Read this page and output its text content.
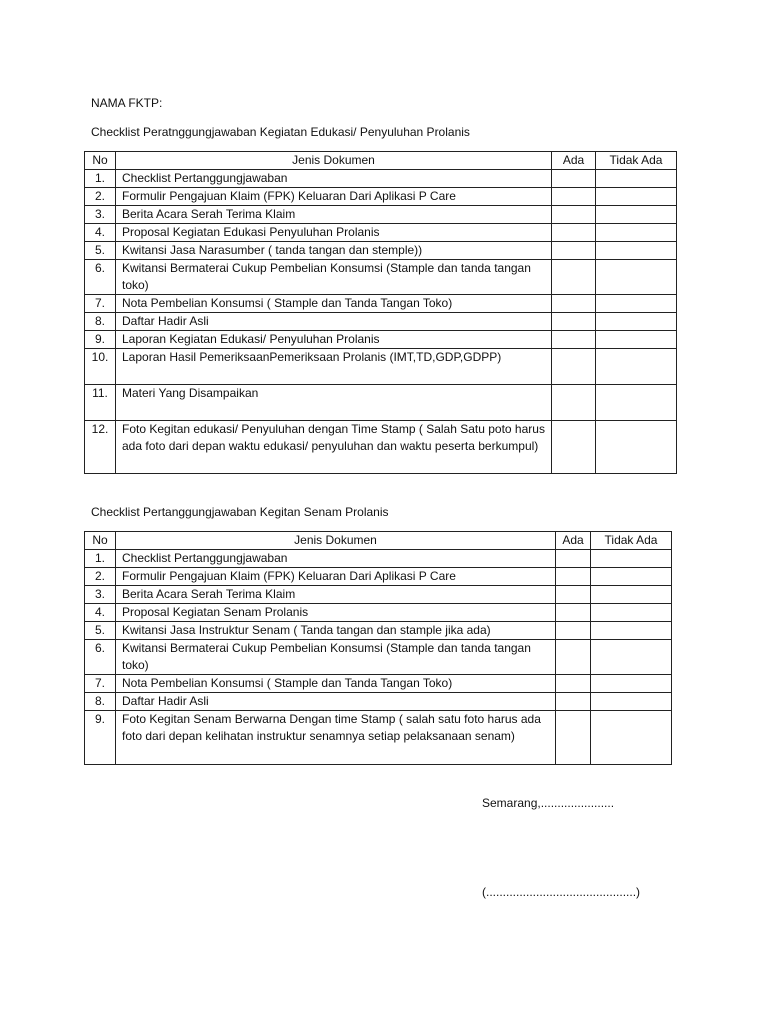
NAMA FKTP:
Checklist Peratnggungjawaban Kegiatan Edukasi/ Penyuluhan Prolanis
No	Jenis Dokumen	Ada	Tidak Ada
1.	Checklist Pertanggungjawaban		
2.	Formulir Pengajuan Klaim (FPK) Keluaran Dari Aplikasi P Care		
3.	Berita Acara Serah Terima Klaim		
4.	Proposal Kegiatan Edukasi Penyuluhan Prolanis		
5.	Kwitansi Jasa Narasumber ( tanda tangan dan stemple))		
6.	Kwitansi Bermaterai Cukup Pembelian Konsumsi (Stample dan tanda tangan toko)		
7.	Nota Pembelian Konsumsi ( Stample dan Tanda Tangan Toko)		
8.	Daftar Hadir Asli		
9.	Laporan Kegiatan Edukasi/ Penyuluhan Prolanis		
10.	Laporan Hasil PemeriksaanPemeriksaan Prolanis (IMT,TD,GDP,GDPP)		
11.	Materi Yang Disampaikan		
12.	Foto Kegitan edukasi/ Penyuluhan dengan Time Stamp ( Salah Satu poto harus ada foto dari depan waktu edukasi/ penyuluhan dan waktu peserta berkumpul)		
Checklist Pertanggungjawaban Kegitan Senam Prolanis
No	Jenis Dokumen	Ada	Tidak Ada
1.	Checklist Pertanggungjawaban		
2.	Formulir Pengajuan Klaim (FPK) Keluaran Dari Aplikasi P Care		
3.	Berita Acara Serah Terima Klaim		
4.	Proposal Kegiatan Senam Prolanis		
5.	Kwitansi Jasa Instruktur Senam ( Tanda tangan dan stample jika ada)		
6.	Kwitansi Bermaterai Cukup Pembelian Konsumsi (Stample dan tanda tangan toko)		
7.	Nota Pembelian Konsumsi ( Stample dan Tanda Tangan Toko)		
8.	Daftar Hadir Asli		
9.	Foto Kegitan Senam Berwarna Dengan time Stamp ( salah satu foto harus ada foto dari depan kelihatan instruktur senamnya setiap pelaksanaan senam)		
Semarang,......................
(.............................................)
